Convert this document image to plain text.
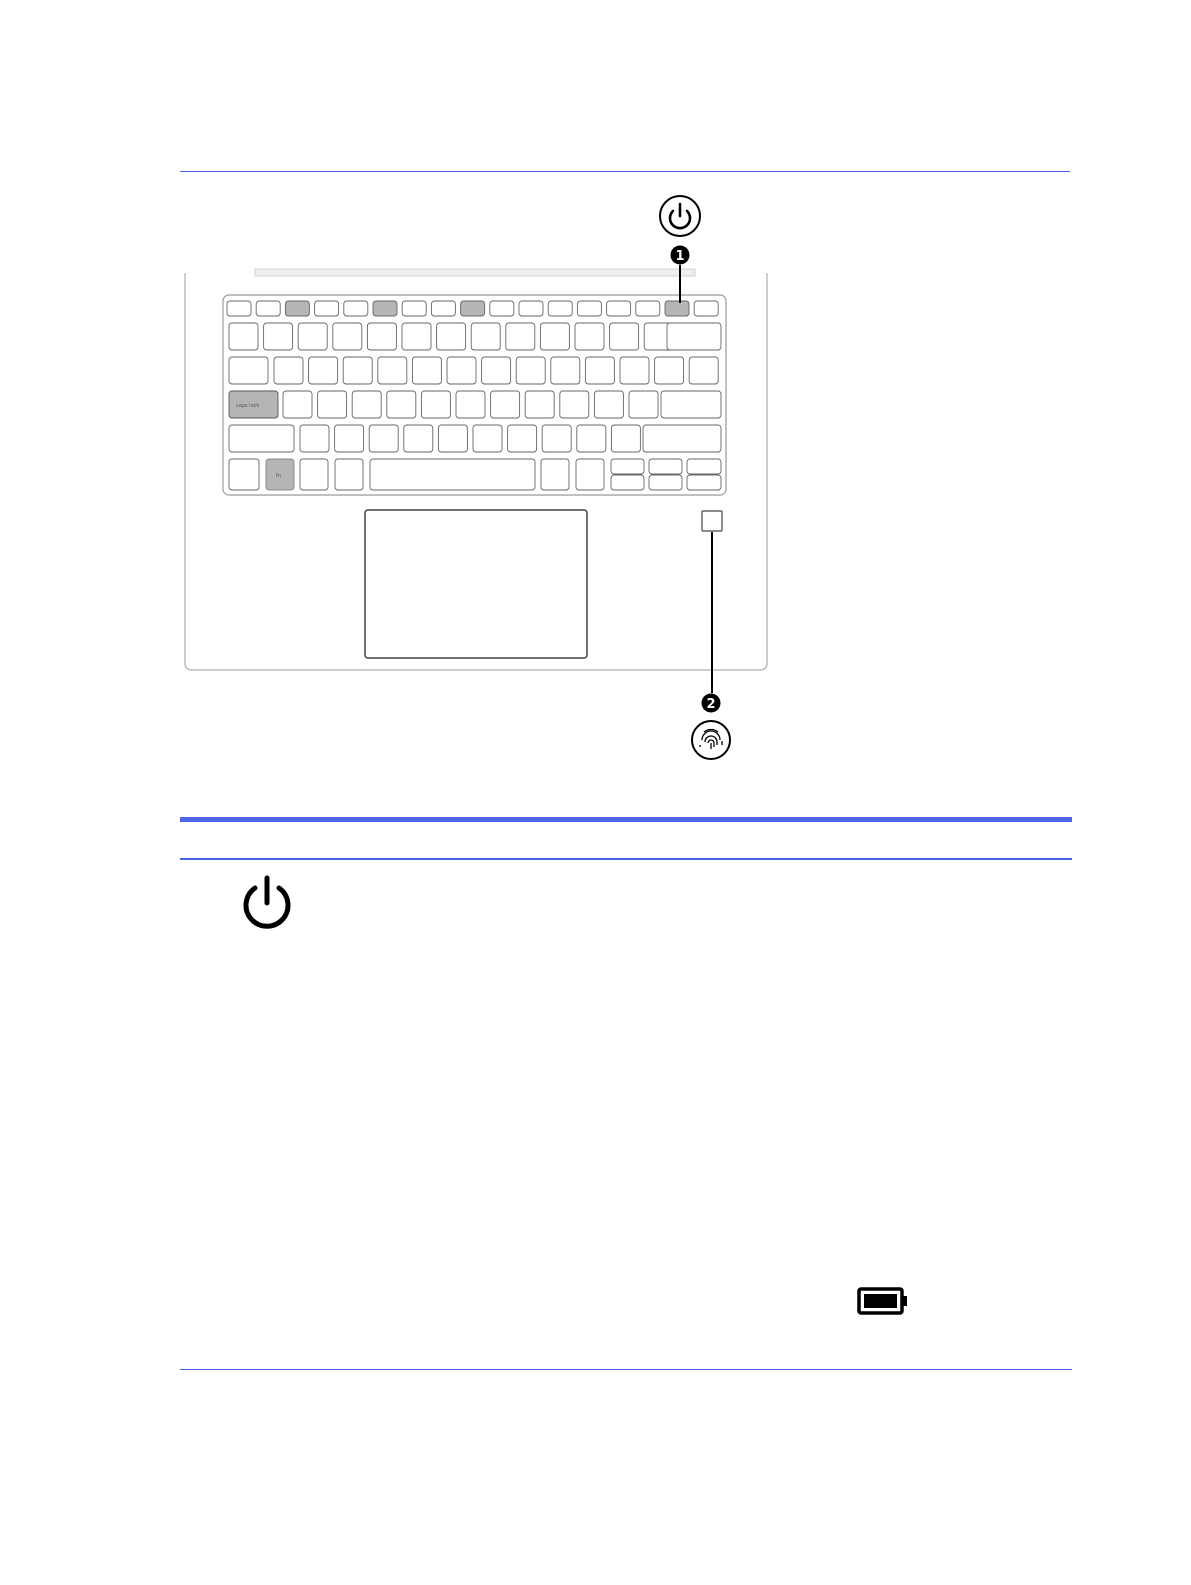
caps lock
fn
1
2
